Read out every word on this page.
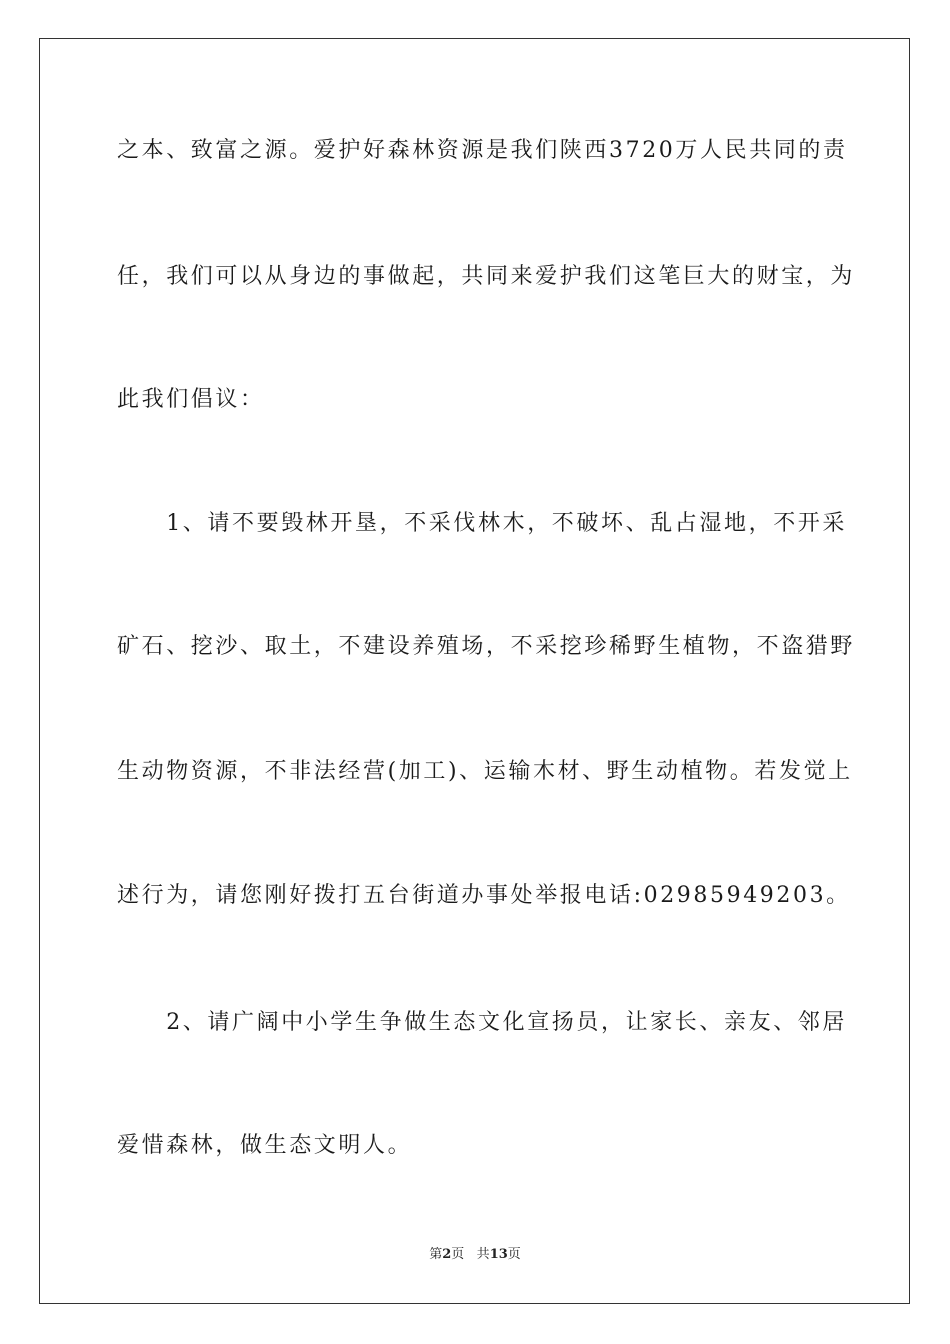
之本、致富之源。爱护好森林资源是我们陕西3720万人民共同的责
任，我们可以从身边的事做起，共同来爱护我们这笔巨大的财宝，为
此我们倡议：
　　1、请不要毁林开垦，不采伐林木，不破坏、乱占湿地，不开采
矿石、挖沙、取土，不建设养殖场，不采挖珍稀野生植物，不盗猎野
生动物资源，不非法经营(加工)、运输木材、野生动植物。若发觉上
述行为，请您刚好拨打五台街道办事处举报电话:02985949203。
　　2、请广阔中小学生争做生态文化宣扬员，让家长、亲友、邻居
爱惜森林，做生态文明人。
第2页 共13页
